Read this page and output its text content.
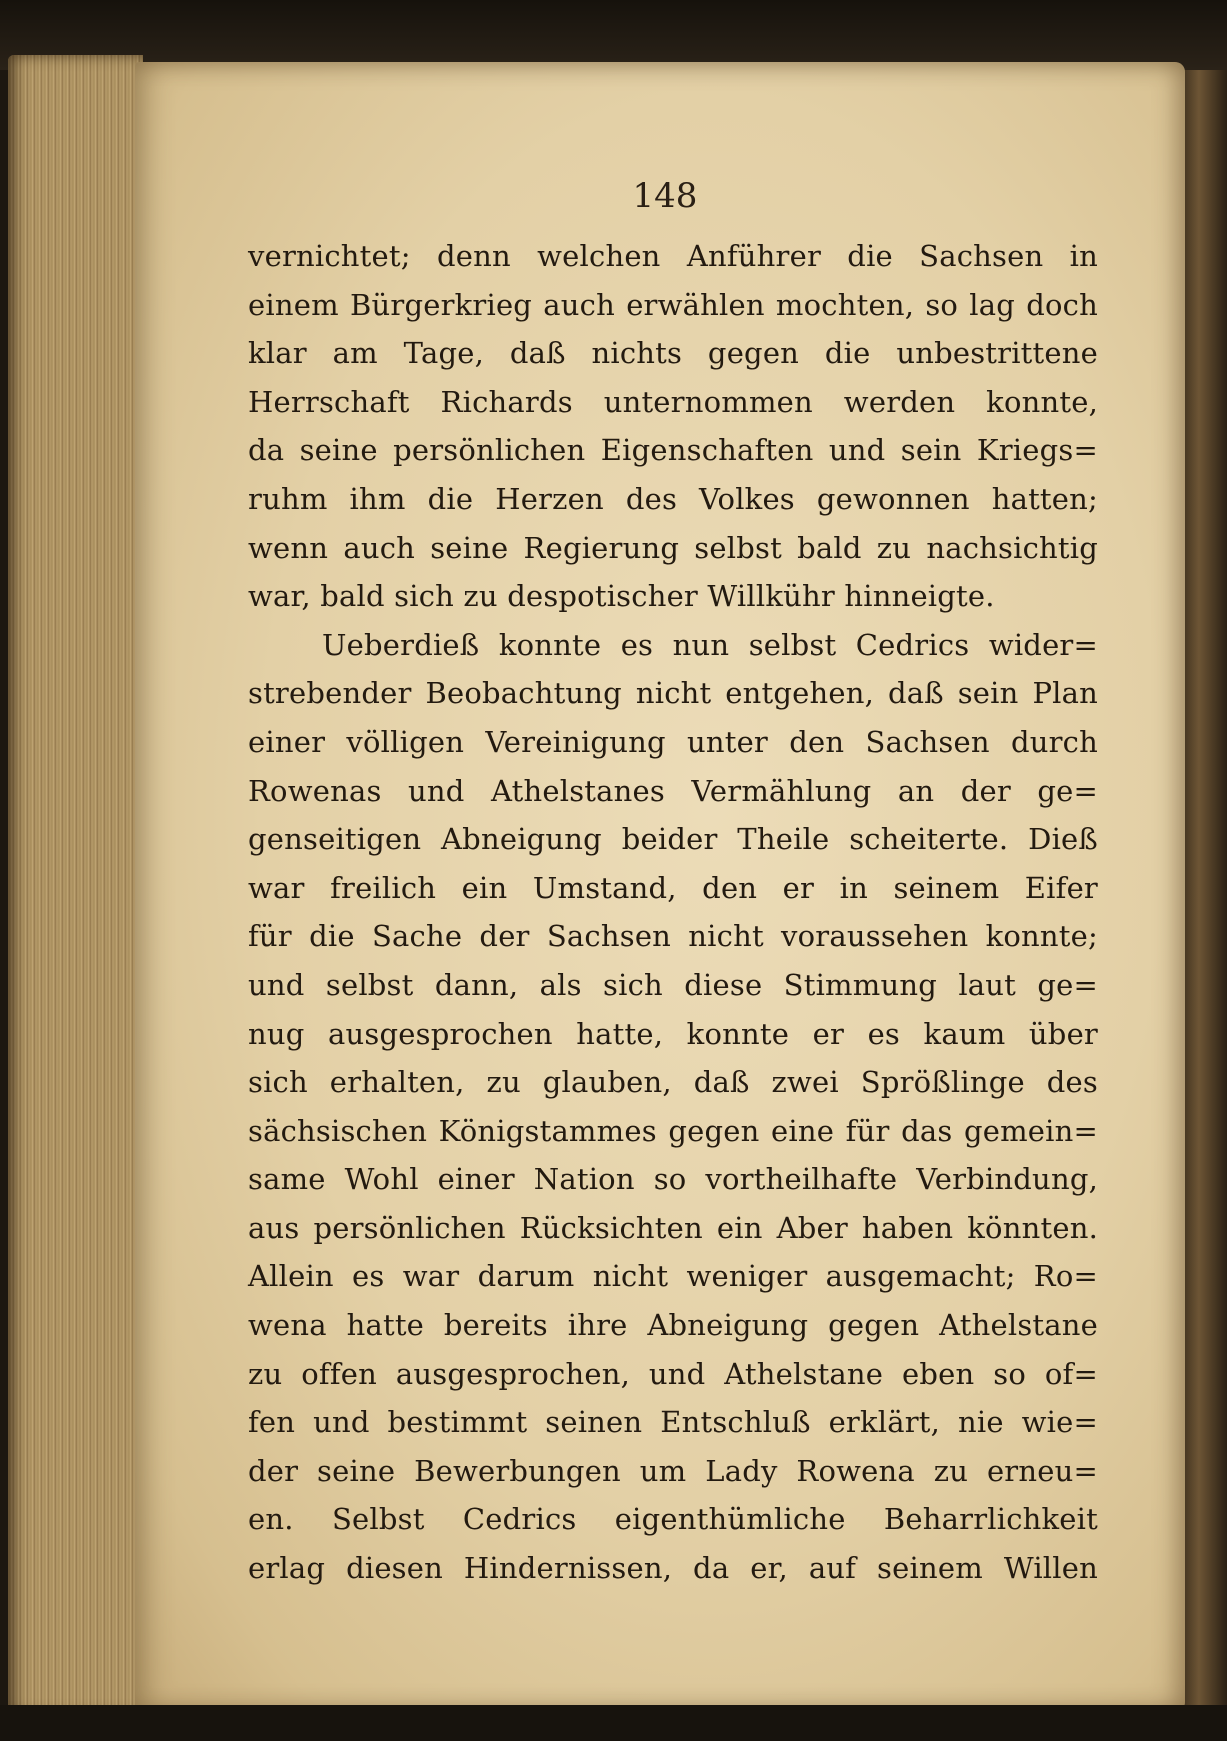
148
vernichtet; denn welchen Anführer die Sachsen in
einem Bürgerkrieg auch erwählen mochten, so lag doch
klar am Tage, daß nichts gegen die unbestrittene
Herrschaft Richards unternommen werden konnte,
da seine persönlichen Eigenschaften und sein Kriegs=
ruhm ihm die Herzen des Volkes gewonnen hatten;
wenn auch seine Regierung selbst bald zu nachsichtig
war, bald sich zu despotischer Willkühr hinneigte.
Ueberdieß konnte es nun selbst Cedrics wider=
strebender Beobachtung nicht entgehen, daß sein Plan
einer völligen Vereinigung unter den Sachsen durch
Rowenas und Athelstanes Vermählung an der ge=
genseitigen Abneigung beider Theile scheiterte. Dieß
war freilich ein Umstand, den er in seinem Eifer
für die Sache der Sachsen nicht voraussehen konnte;
und selbst dann, als sich diese Stimmung laut ge=
nug ausgesprochen hatte, konnte er es kaum über
sich erhalten, zu glauben, daß zwei Sprößlinge des
sächsischen Königstammes gegen eine für das gemein=
same Wohl einer Nation so vortheilhafte Verbindung,
aus persönlichen Rücksichten ein Aber haben könnten.
Allein es war darum nicht weniger ausgemacht; Ro=
wena hatte bereits ihre Abneigung gegen Athelstane
zu offen ausgesprochen, und Athelstane eben so of=
fen und bestimmt seinen Entschluß erklärt, nie wie=
der seine Bewerbungen um Lady Rowena zu erneu=
en. Selbst Cedrics eigenthümliche Beharrlichkeit
erlag diesen Hindernissen, da er, auf seinem Willen
